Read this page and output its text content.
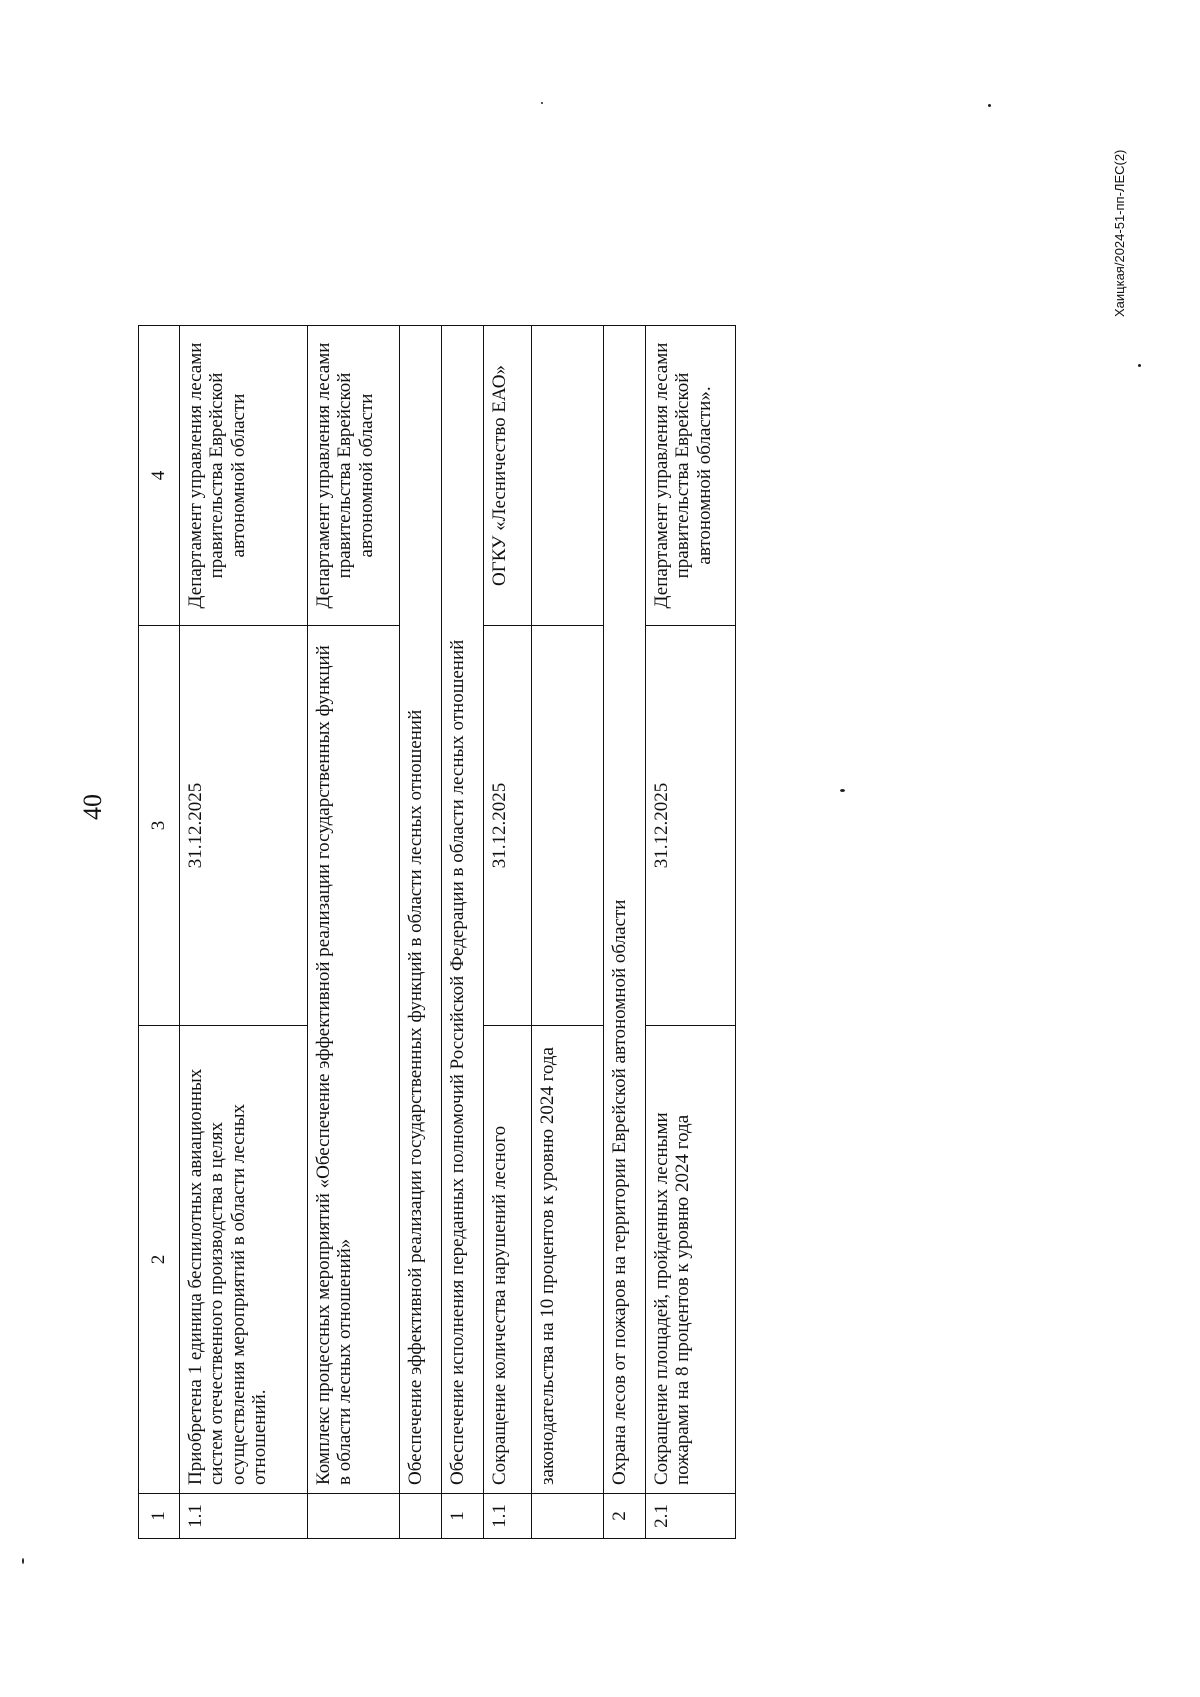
40
1	2	3	4
1.1	Приобретена 1 единица беспилотных авиационных систем отечественного производства в целях осуществления мероприятий в области лесных отношений.	31.12.2025	Департамент управления лесами правительства Еврейской автономной области
	Комплекс процессных мероприятий «Обеспечение эффективной реализации государственных функций в области лесных отношений»		Департамент управления лесами правительства Еврейской автономной области
	Обеспечение эффективной реализации государственных функций в области лесных отношений		
1	Обеспечение исполнения переданных полномочий Российской Федерации в области лесных отношений		
1.1	Сокращение количества нарушений лесного	31.12.2025	ОГКУ «Лесничество ЕАО»
	законодательства на 10 процентов к уровню 2024 года		
2	Охрана лесов от пожаров на территории Еврейской автономной области		
2.1	Сокращение площадей, пройденных лесными пожарами на 8 процентов к уровню 2024 года	31.12.2025	Департамент управления лесами правительства Еврейской автономной области».
Хаицкая/2024-51-пп-ЛЕС(2)
